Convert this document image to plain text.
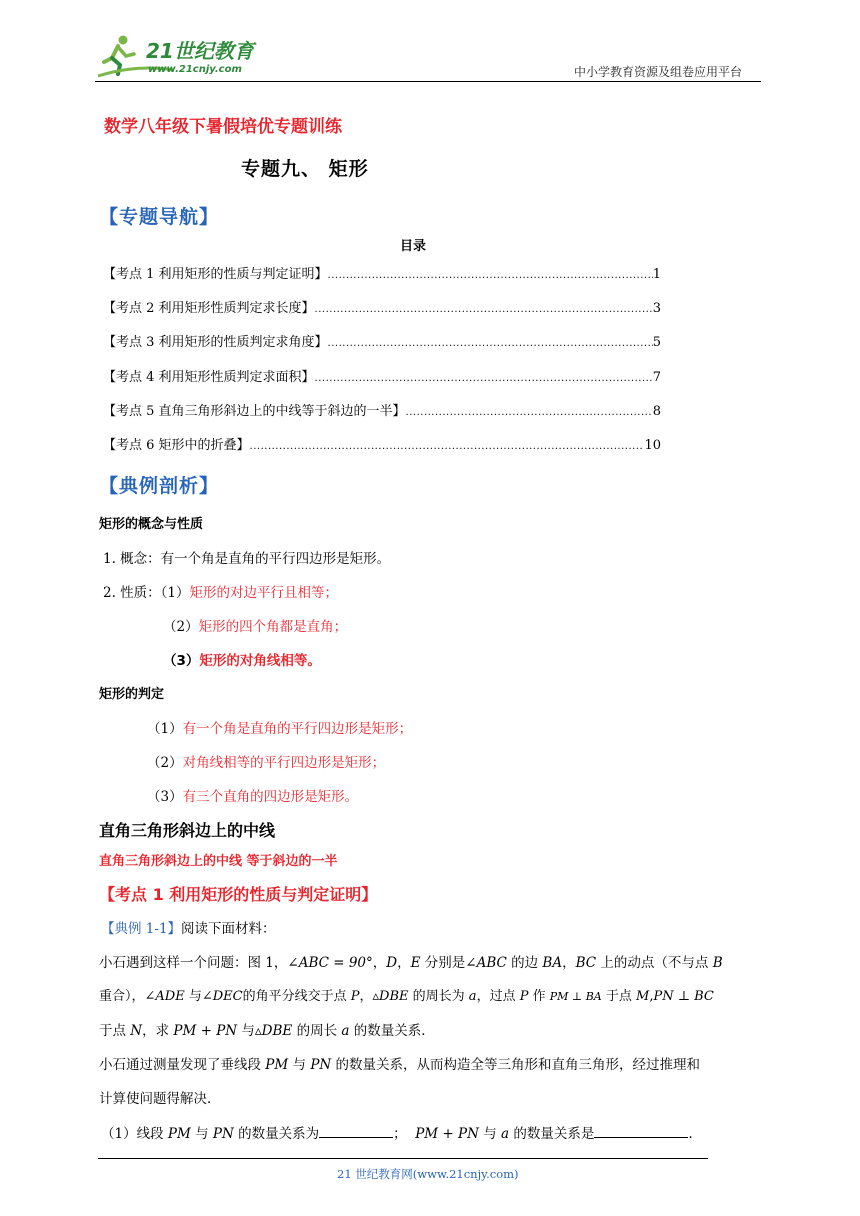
21世纪教育
www.21cnjy.com	中小学教育资源及组卷应用平台
数学八年级下暑假培优专题训练
专题九、 矩形
【专题导航】
目录
【考点 1 利用矩形的性质与判定证明】 .....	1
【考点 2 利用矩形性质判定求长度】 .....	3
【考点 3 利用矩形的性质判定求角度】 .....	5
【考点 4 利用矩形性质判定求面积】 .....	7
【考点 5 直角三角形斜边上的中线等于斜边的一半】 .....	8
【考点 6 矩形中的折叠】 .....	10
【典例剖析】
矩形的概念与性质
1. 概念：有一个角是直角的平行四边形是矩形。
2. 性质：（1）矩形的对边平行且相等；
（2）矩形的四个角都是直角；
（3）矩形的对角线相等。
矩形的判定
（1）有一个角是直角的平行四边形是矩形；
（2）对角线相等的平行四边形是矩形；
（3）有三个直角的四边形是矩形。
直角三角形斜边上的中线
直角三角形斜边上的中线 等于斜边的一半
【考点 1 利用矩形的性质与判定证明】
【典例 1-1】阅读下面材料：
小石遇到这样一个问题：图 1，∠ABC = 90°，D，E 分别是∠ABC 的边 BA，BC 上的动点（不与点 B
重合），∠ADE 与∠DEC的角平分线交于点 P，▵DBE 的周长为 a，过点 P 作 PM ⊥ BA 于点 M,PN ⊥ BC
于点 N，求 PM + PN 与▵DBE 的周长 a 的数量关系．
小石通过测量发现了垂线段 PM 与 PN 的数量关系，从而构造全等三角形和直角三角形，经过推理和
计算使问题得解决．
（1）线段 PM 与 PN 的数量关系为	； PM + PN 与 a 的数量关系是	.
21 世纪教育网(www.21cnjy.com)
